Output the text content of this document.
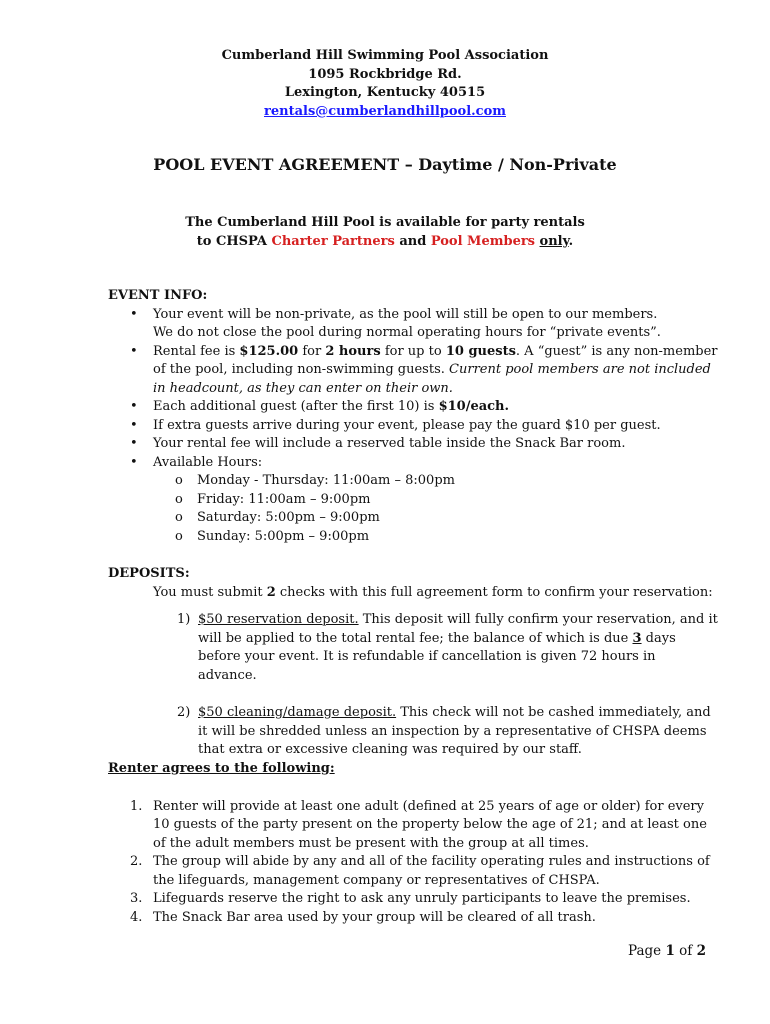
Cumberland Hill Swimming Pool Association
1095 Rockbridge Rd.
Lexington, Kentucky 40515
rentals@cumberlandhillpool.com
POOL EVENT AGREEMENT – Daytime / Non-Private
The Cumberland Hill Pool is available for party rentals
to CHSPA Charter Partners and Pool Members only.
EVENT INFO:
• Your event will be non-private, as the pool will still be open to our members.
We do not close the pool during normal operating hours for “private events”.
• Rental fee is $125.00 for 2 hours for up to 10 guests. A “guest” is any non-member of the pool, including non-swimming guests. Current pool members are not included in headcount, as they can enter on their own.
• Each additional guest (after the first 10) is $10/each.
• If extra guests arrive during your event, please pay the guard $10 per guest.
• Your rental fee will include a reserved table inside the Snack Bar room.
• Available Hours:
o Monday - Thursday: 11:00am – 8:00pm
o Friday: 11:00am – 9:00pm
o Saturday: 5:00pm – 9:00pm
o Sunday: 5:00pm – 9:00pm
DEPOSITS:
You must submit 2 checks with this full agreement form to confirm your reservation:
1) $50 reservation deposit. This deposit will fully confirm your reservation, and it will be applied to the total rental fee; the balance of which is due 3 days before your event. It is refundable if cancellation is given 72 hours in advance.
2) $50 cleaning/damage deposit. This check will not be cashed immediately, and it will be shredded unless an inspection by a representative of CHSPA deems that extra or excessive cleaning was required by our staff.
Renter agrees to the following:
1. Renter will provide at least one adult (defined at 25 years of age or older) for every 10 guests of the party present on the property below the age of 21; and at least one of the adult members must be present with the group at all times.
2. The group will abide by any and all of the facility operating rules and instructions of the lifeguards, management company or representatives of CHSPA.
3. Lifeguards reserve the right to ask any unruly participants to leave the premises.
4. The Snack Bar area used by your group will be cleared of all trash.
Page 1 of 2
